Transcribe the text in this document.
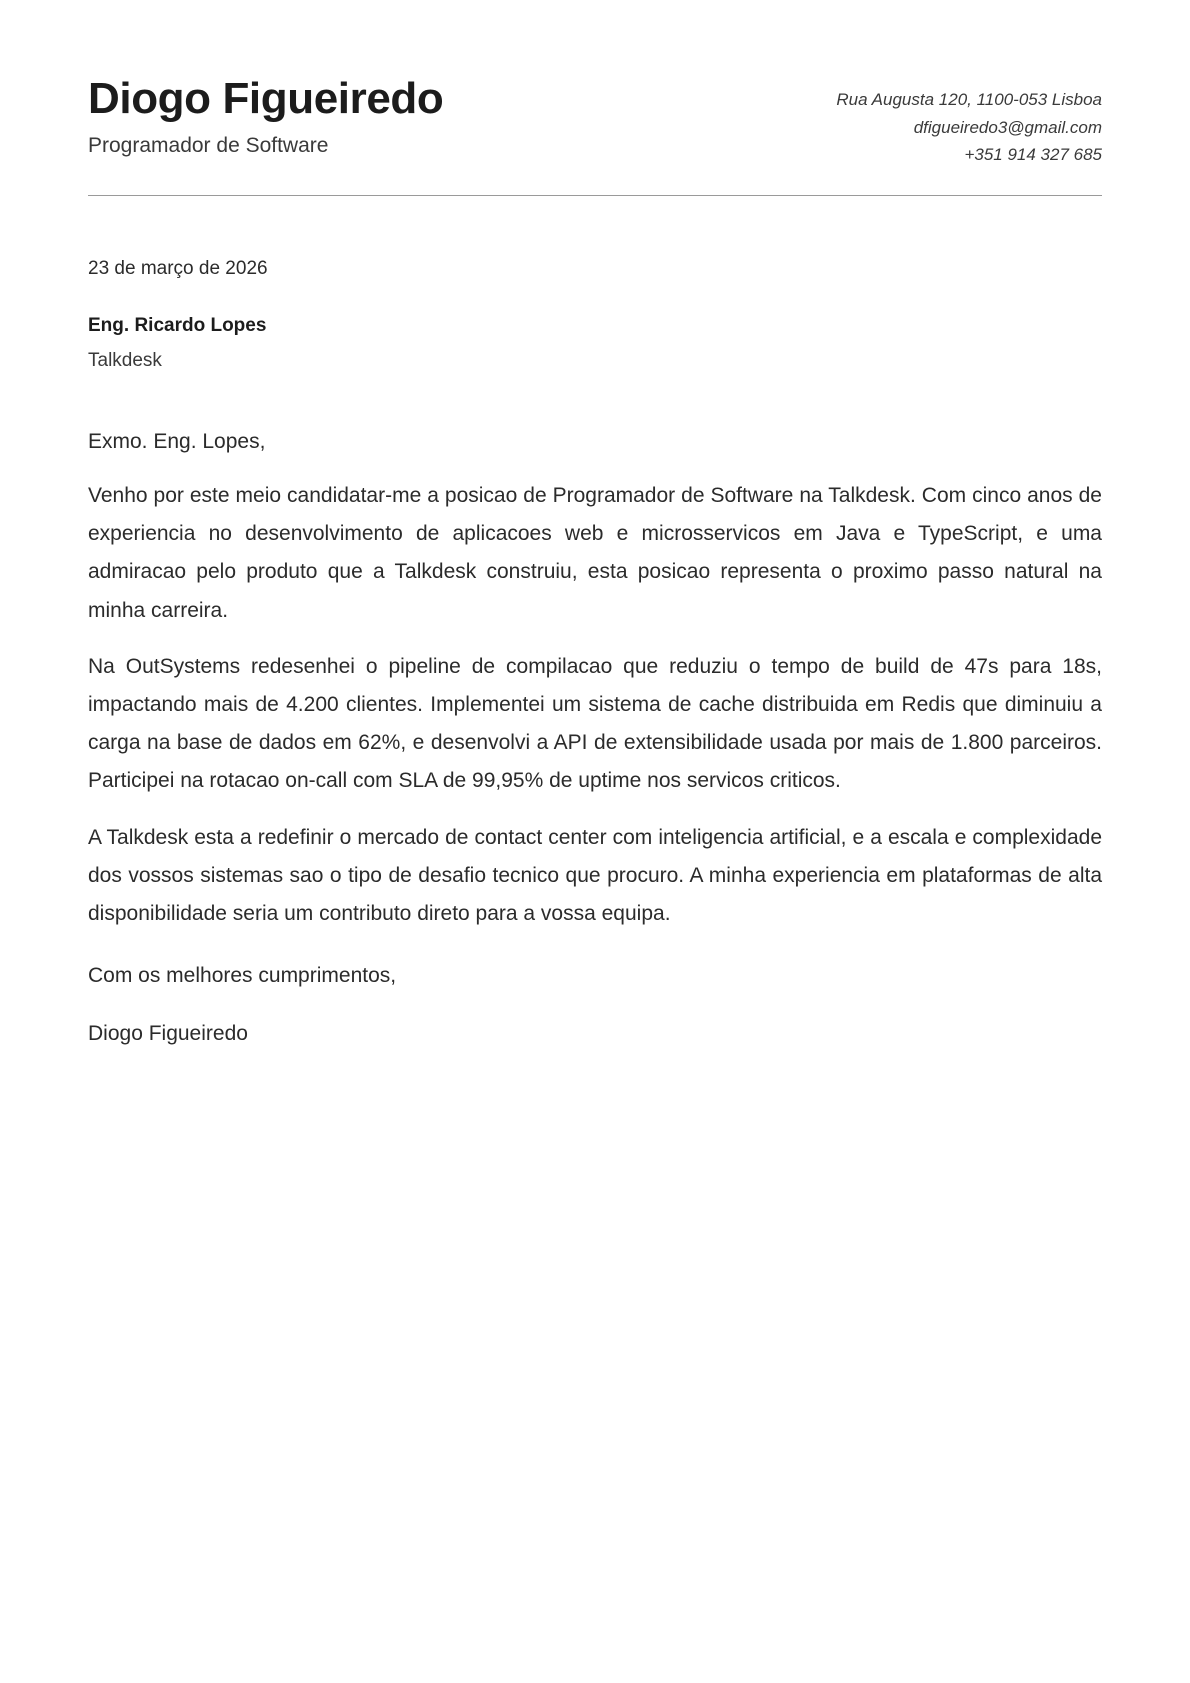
Diogo Figueiredo

Programador de Software

Rua Augusta 120, 1100-053 Lisboa
dfigueiredo3@gmail.com
+351 914 327 685

23 de março de 2026

Eng. Ricardo Lopes

Talkdesk

Exmo. Eng. Lopes,

Venho por este meio candidatar-me a posicao de Programador de Software na Talkdesk. Com cinco anos de experiencia no desenvolvimento de aplicacoes web e microsservicos em Java e TypeScript, e uma admiracao pelo produto que a Talkdesk construiu, esta posicao representa o proximo passo natural na minha carreira.

Na OutSystems redesenhei o pipeline de compilacao que reduziu o tempo de build de 47s para 18s, impactando mais de 4.200 clientes. Implementei um sistema de cache distribuida em Redis que diminuiu a carga na base de dados em 62%, e desenvolvi a API de extensibilidade usada por mais de 1.800 parceiros. Participei na rotacao on-call com SLA de 99,95% de uptime nos servicos criticos.

A Talkdesk esta a redefinir o mercado de contact center com inteligencia artificial, e a escala e complexidade dos vossos sistemas sao o tipo de desafio tecnico que procuro. A minha experiencia em plataformas de alta disponibilidade seria um contributo direto para a vossa equipa.

Com os melhores cumprimentos,

Diogo Figueiredo
